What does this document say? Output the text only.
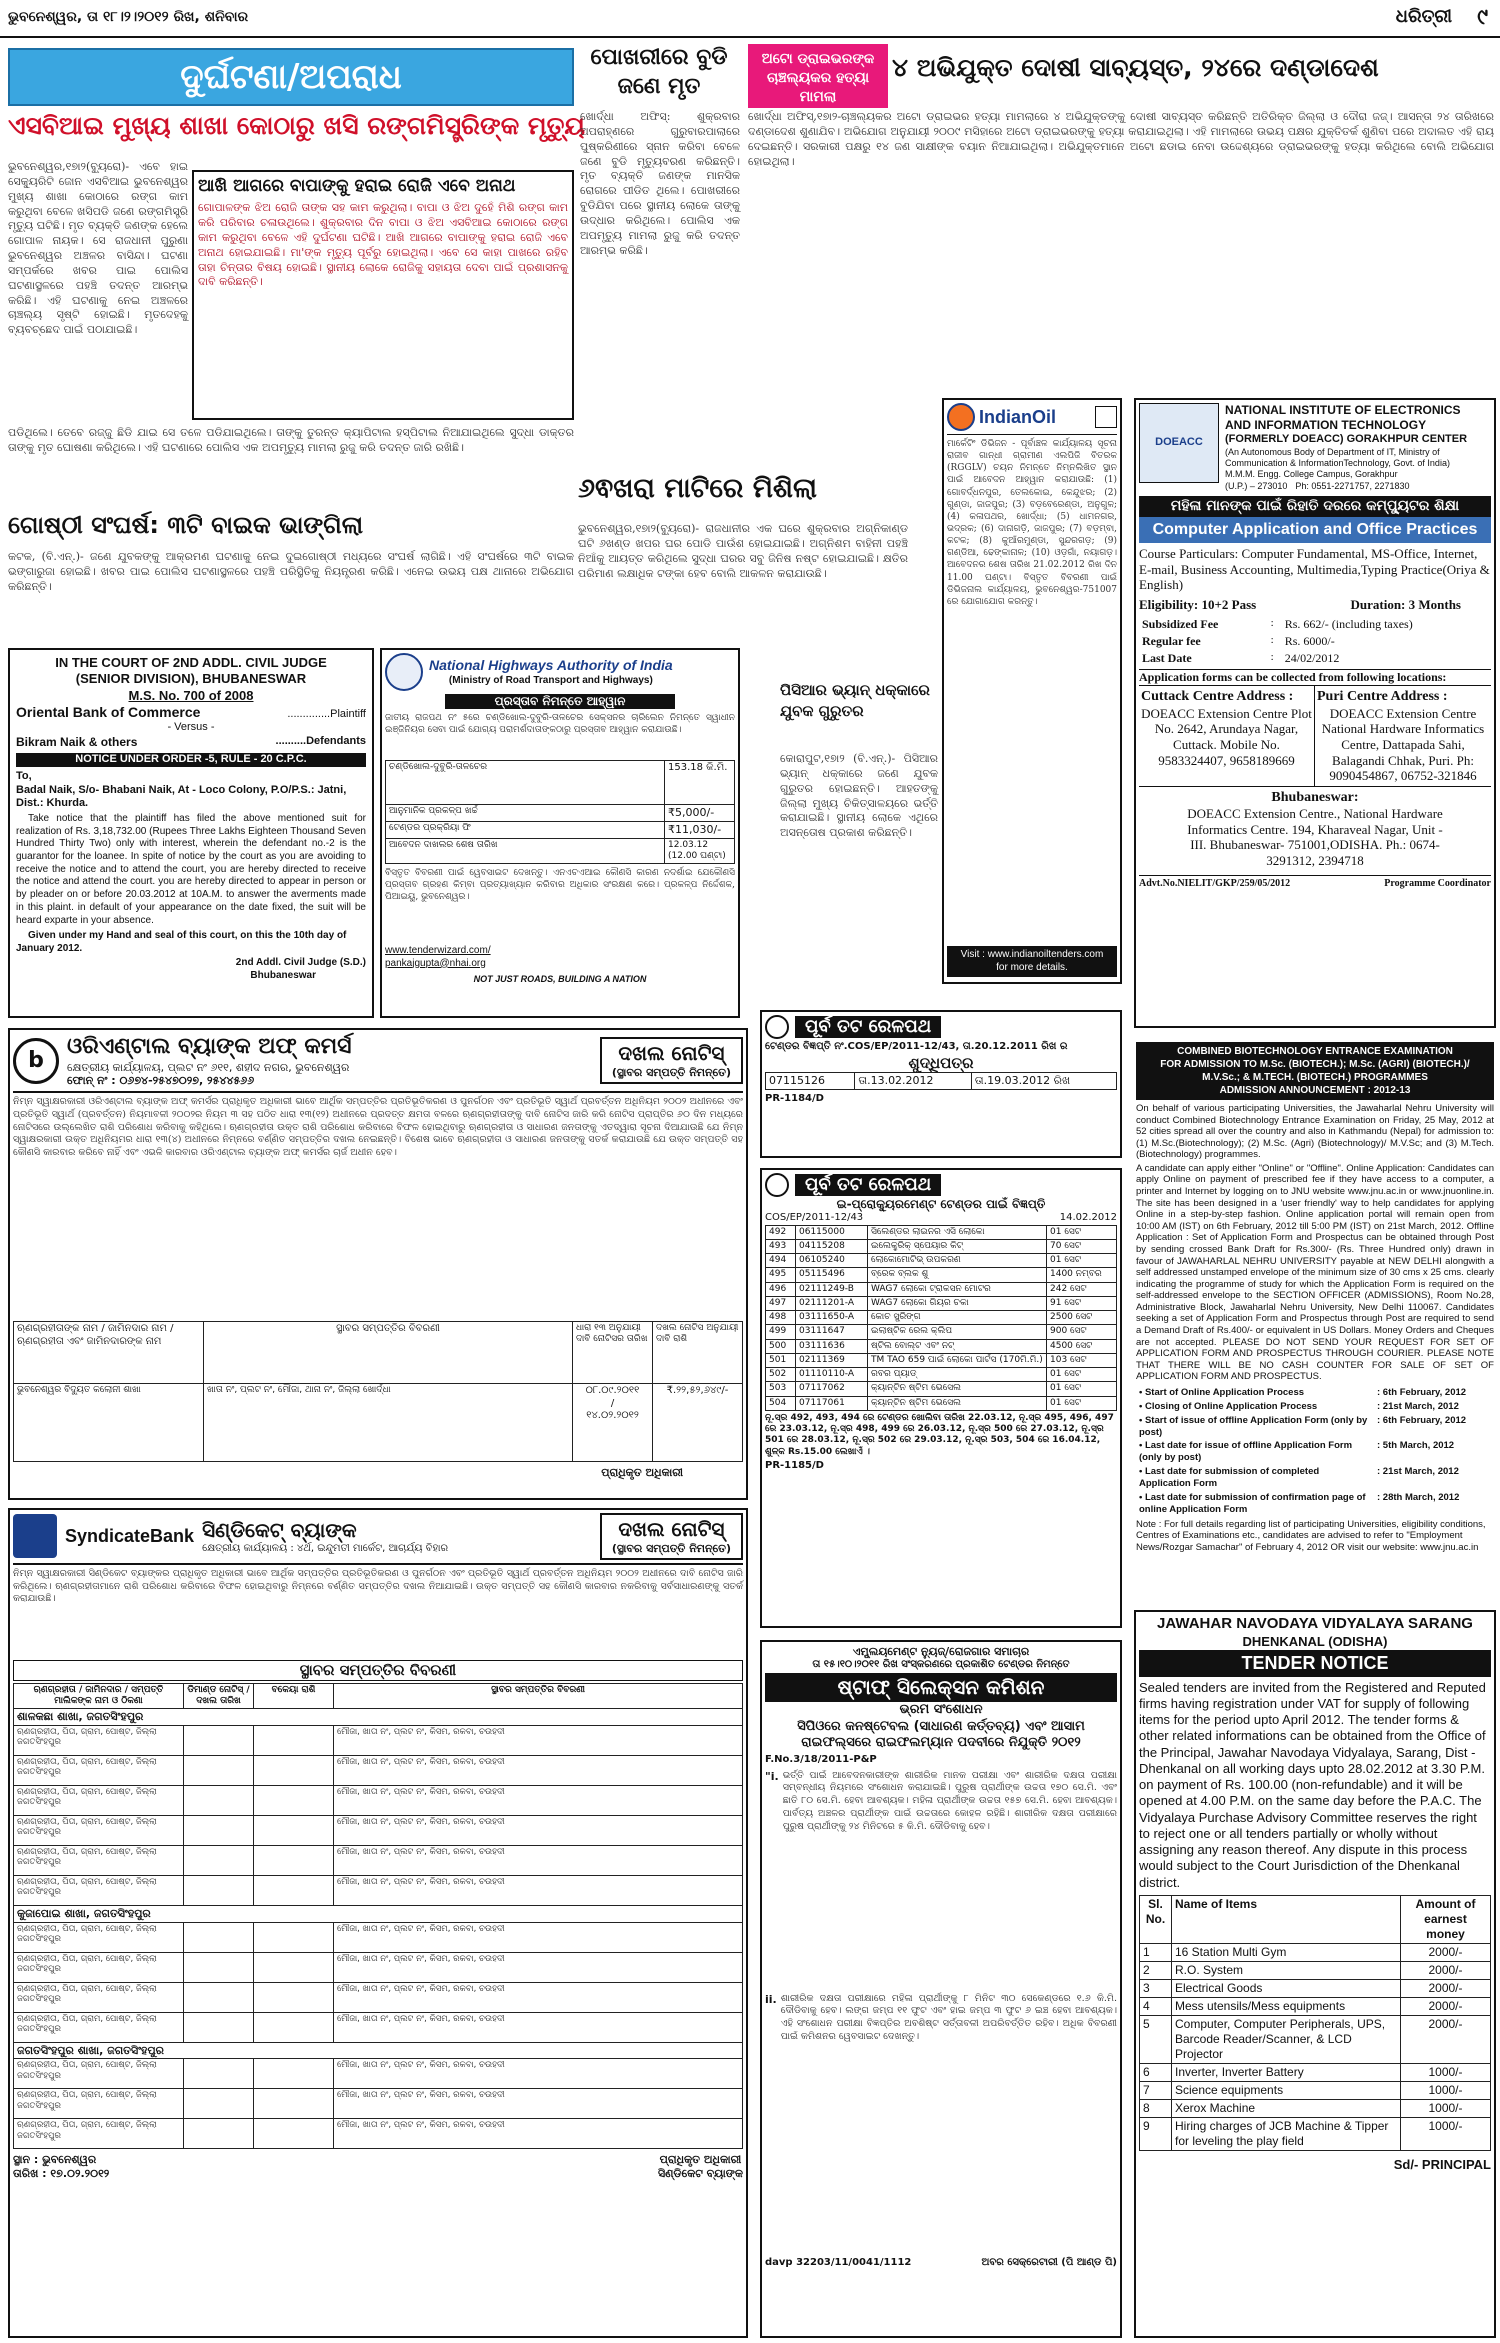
ଭୁବନେଶ୍ୱର, ତା ୧୮।୨।୨୦୧୨ ରିଖ, ଶନିବାର	ଧରିତ୍ରୀ ୯
ଦୁର୍ଘଟଣା/ଅପରାଧ	ପୋଖରୀରେ ବୁଡି ଜଣେ ମୃତ
ଅଟୋ ଡ୍ରାଇଭରଙ୍କ ଚାଞ୍ଚଲ୍ୟକର ହତ୍ୟା ମାମଲା
୪ ଅଭିଯୁକ୍ତ ଦୋଷୀ ସାବ୍ୟସ୍ତ, ୨୪ରେ ଦଣ୍ଡାଦେଶ
ଏସବିଆଇ ମୁଖ୍ୟ ଶାଖା କୋଠାରୁ ଖସି ରଙ୍ଗମିସ୍ତ୍ରିଙ୍କ ମୃତ୍ୟୁ
ଭୁବନେଶ୍ୱର,୧୭ା୨(ବ୍ୟୁରୋ)- ଏବେ ହାଇ ସେକ୍ୟୁରିଟି ଜୋନ ଏସବିଆଇ ଭୁବନେଶ୍ୱର ମୁଖ୍ୟ ଶାଖା କୋଠାରେ ରଙ୍ଗ କାମ କରୁଥିବା ବେଳେ ଖସିପଡି ଜଣେ ରଙ୍ଗମିସ୍ତ୍ରି ମୃତ୍ୟୁ ଘଟିଛି। ମୃତ ବ୍ୟକ୍ତି ଜଣଙ୍କ ହେଲେ ଗୋପାଳ ନାୟକ। ସେ ରାଜଧାନୀ ପୁରୁଣା ଭୁବନେଶ୍ୱର ଅଞ୍ଚଳର ବାସିନ୍ଦା। ଘଟଣା ସମ୍ପର୍କରେ ଖବର ପାଇ ପୋଲିସ ଘଟଣାସ୍ଥଳରେ ପହଞ୍ଚି ତଦନ୍ତ ଆରମ୍ଭ କରିଛି। ଏହି ଘଟଣାକୁ ନେଇ ଅଞ୍ଚଳରେ ଚାଞ୍ଚଲ୍ୟ ସୃଷ୍ଟି ହୋଇଛି। ମୃତଦେହକୁ ବ୍ୟବଚ୍ଛେଦ ପାଇଁ ପଠାଯାଇଛି।
ଆଖି ଆଗରେ ବାପାଙ୍କୁ ହରାଇ ରୋଜି ଏବେ ଅନାଥ
ଗୋପାଳଙ୍କ ଝିଅ ରୋଜି ତାଙ୍କ ସହ କାମ କରୁଥିଲା। ବାପା ଓ ଝିଅ ଦୁହେଁ ମିଶି ରଙ୍ଗ କାମ କରି ପରିବାର ଚଳାଉଥିଲେ। ଶୁକ୍ରବାର ଦିନ ବାପା ଓ ଝିଅ ଏସବିଆଇ କୋଠାରେ ରଙ୍ଗ କାମ କରୁଥିବା ବେଳେ ଏହି ଦୁର୍ଘଟଣା ଘଟିଛି। ଆଖି ଆଗରେ ବାପାଙ୍କୁ ହରାଇ ରୋଜି ଏବେ ଅନାଥ ହୋଇଯାଇଛି। ମା'ଙ୍କ ମୃତ୍ୟୁ ପୂର୍ବରୁ ହୋଇଥିଲା। ଏବେ ସେ କାହା ପାଖରେ ରହିବ ତାହା ଚିନ୍ତାର ବିଷୟ ହୋଇଛି। ସ୍ଥାନୀୟ ଲୋକେ ରୋଜିକୁ ସହାୟତା ଦେବା ପାଇଁ ପ୍ରଶାସନକୁ ଦାବି କରିଛନ୍ତି।
ପଡିଥିଲେ। ତେବେ ରଜ୍ଜୁ ଛିଡି ଯାଇ ସେ ତଳେ ପଡିଯାଇଥିଲେ। ତାଙ୍କୁ ତୁରନ୍ତ କ୍ୟାପିଟାଲ ହସ୍ପିଟାଲ ନିଆଯାଇଥିଲେ ସୁଦ୍ଧା ଡାକ୍ତର ତାଙ୍କୁ ମୃତ ଘୋଷଣା କରିଥିଲେ। ଏହି ଘଟଣାରେ ପୋଲିସ ଏକ ଅପମୃତ୍ୟୁ ମାମଲା ରୁଜୁ କରି ତଦନ୍ତ ଜାରି ରଖିଛି।
ଗୋଷ୍ଠୀ ସଂଘର୍ଷ: ୩ଟି ବାଇକ ଭାଙ୍ଗିଲା
କଟକ, (ବି.ଏନ୍.)- ଜଣେ ଯୁବକଙ୍କୁ ଆକ୍ରମଣ ଘଟଣାକୁ ନେଇ ଦୁଇଗୋଷ୍ଠୀ ମଧ୍ୟରେ ସଂଘର୍ଷ ଲାଗିଛି। ଏହି ସଂଘର୍ଷରେ ୩ଟି ବାଇକ ଭଙ୍ଗାରୁଜା ହୋଇଛି। ଖବର ପାଇ ପୋଲିସ ଘଟଣାସ୍ଥଳରେ ପହଞ୍ଚି ପରିସ୍ଥିତିକୁ ନିୟନ୍ତ୍ରଣ କରିଛି। ଏନେଇ ଉଭୟ ପକ୍ଷ ଥାନାରେ ଅଭିଯୋଗ କରିଛନ୍ତି।
ଖୋର୍ଦ୍ଧା ଅଫିସ୍: ଶୁକ୍ରବାର ଅପରାହ୍ଣରେ ଗୁରୁବାରପାଲାରେ ପୁଷ୍କରିଣୀରେ ସ୍ନାନ କରିବା ବେଳେ ଜଣେ ବୁଡି ମୃତ୍ୟୁବରଣ କରିଛନ୍ତି। ମୃତ ବ୍ୟକ୍ତି ଜଣଙ୍କ ମାନସିକ ରୋଗରେ ପୀଡିତ ଥିଲେ। ପୋଖରୀରେ ବୁଡିଯିବା ପରେ ସ୍ଥାନୀୟ ଲୋକେ ତାଙ୍କୁ ଉଦ୍ଧାର କରିଥିଲେ। ପୋଲିସ ଏକ ଅପମୃତ୍ୟୁ ମାମଲା ରୁଜୁ କରି ତଦନ୍ତ ଆରମ୍ଭ କରିଛି।
ଖୋର୍ଦ୍ଧା ଅଫିସ୍,୧୭ା୨-ଚାଞ୍ଚଲ୍ୟକର ଅଟୋ ଡ୍ରାଇଭର ହତ୍ୟା ମାମଲାରେ ୪ ଅଭିଯୁକ୍ତଙ୍କୁ ଦୋଷୀ ସାବ୍ୟସ୍ତ କରିଛନ୍ତି ଅତିରିକ୍ତ ଜିଲ୍ଲା ଓ ଦୌରା ଜଜ୍। ଆସନ୍ତା ୨୪ ତାରିଖରେ ଦଣ୍ଡାଦେଶ ଶୁଣାଯିବ। ଅଭିଯୋଗ ଅନୁଯାୟୀ ୨୦୦୯ ମସିହାରେ ଅଟୋ ଡ୍ରାଇଭରଙ୍କୁ ହତ୍ୟା କରାଯାଇଥିଲା। ଏହି ମାମଲାରେ ଉଭୟ ପକ୍ଷର ଯୁକ୍ତିତର୍କ ଶୁଣିବା ପରେ ଅଦାଲତ ଏହି ରାୟ ଦେଇଛନ୍ତି। ସରକାରୀ ପକ୍ଷରୁ ୧୪ ଜଣ ସାକ୍ଷୀଙ୍କ ବୟାନ ନିଆଯାଇଥିଲା। ଅଭିଯୁକ୍ତମାନେ ଅଟୋ ଛଡାଇ ନେବା ଉଦ୍ଦେଶ୍ୟରେ ଡ୍ରାଇଭରଙ୍କୁ ହତ୍ୟା କରିଥିଲେ ବୋଲି ଅଭିଯୋଗ ହୋଇଥିଲା।
୬ଵଖରା ମାଟିରେ ମିଶିଲା
ଭୁବନେଶ୍ୱର,୧୭ା୨(ବ୍ୟୁରୋ)- ରାଜଧାନୀର ଏକ ଘରେ ଶୁକ୍ରବାର ଅଗ୍ନିକାଣ୍ଡ ଘଟି ୬ଖଣ୍ଡ ଖପର ଘର ପୋଡି ପାଉଁଶ ହୋଇଯାଇଛି। ଅଗ୍ନିଶମ ବାହିନୀ ପହଞ୍ଚି ନିଆଁକୁ ଆୟତ୍ତ କରିଥିଲେ ସୁଦ୍ଧା ଘରର ସବୁ ଜିନିଷ ନଷ୍ଟ ହୋଇଯାଇଛି। କ୍ଷତିର ପରିମାଣ ଲକ୍ଷାଧିକ ଟଙ୍କା ହେବ ବୋଲି ଆକଳନ କରାଯାଉଛି।
ପିସିଆର ଭ୍ୟାନ୍ ଧକ୍କାରେ ଯୁବକ ଗୁରୁତର
କୋରାପୁଟ,୧୭ା୨ (ବି.ଏନ୍.)- ପିସିଆର ଭ୍ୟାନ୍ ଧକ୍କାରେ ଜଣେ ଯୁବକ ଗୁରୁତର ହୋଇଛନ୍ତି। ଆହତଙ୍କୁ ଜିଲ୍ଲା ମୁଖ୍ୟ ଚିକିତ୍ସାଳୟରେ ଭର୍ତ୍ତି କରାଯାଇଛି। ସ୍ଥାନୀୟ ଲୋକେ ଏଥିରେ ଅସନ୍ତୋଷ ପ୍ରକାଶ କରିଛନ୍ତି।
IN THE COURT OF 2ND ADDL. CIVIL JUDGE
(SENIOR DIVISION), BHUBANESWAR
M.S. No. 700 of 2008
Oriental Bank of Commerce	..............Plaintiff
- Versus -
Bikram Naik & others	..........Defendants
NOTICE UNDER ORDER -5, RULE - 20 C.P.C.
To,
Badal Naik, S/o- Bhabani Naik, At - Loco Colony, P.O/P.S.: Jatni, Dist.: Khurda.
Take notice that the plaintiff has filed the above mentioned suit for realization of Rs. 3,18,732.00 (Rupees Three Lakhs Eighteen Thousand Seven Hundred Thirty Two) only with interest, wherein the defendant no.-2 is the guarantor for the loanee. In spite of notice by the court as you are avoiding to receive the notice and to attend the court, you are hereby directed to receive the notice and attend the court. you are hereby directed to appear in person or by pleader on or before 20.03.2012 at 10A.M. to answer the averments made in this plaint. in default of your appearance on the date fixed, the suit will be heard exparte in your absence.
Given under my Hand and seal of this court, on this the 10th day of January 2012.
2nd Addl. Civil Judge (S.D.)
Bhubaneswar
National Highways Authority of India
(Ministry of Road Transport and Highways)
ପ୍ରସ୍ତାବ ନିମନ୍ତେ ଆହ୍ୱାନ
ଜାତୀୟ ରାଜପଥ ନଂ ୫ରେ ଚଣ୍ଡିଖୋଲ-ଦୁବୁରି-ତାଳଚେର ସେକ୍ସନର ଚାରିଲେନ ନିମନ୍ତେ ସ୍ୱାଧୀନ ଇଞ୍ଜିନିୟର ସେବା ପାଇଁ ଯୋଗ୍ୟ ପରାମର୍ଶଦାତାଙ୍କଠାରୁ ପ୍ରସ୍ତାବ ଆହ୍ୱାନ କରାଯାଉଛି।
ଚଣ୍ଡିଖୋଲ-ଦୁବୁରି-ତାଳଚେର	153.18 କି.ମି.
ଆନୁମାନିକ ପ୍ରକଳ୍ପ ଖର୍ଚ୍ଚ	₹5,000/-
ଟେଣ୍ଡର ପ୍ରକ୍ରିୟା ଫି	₹11,030/-
ଆବେଦନ ଦାଖଲର ଶେଷ ତାରିଖ	12.03.12 (12.00 ଘଣ୍ଟା)
ବିସ୍ତୃତ ବିବରଣୀ ପାଇଁ ୱେବସାଇଟ ଦେଖନ୍ତୁ। ଏନଏଚଏଆଇ କୌଣସି କାରଣ ନଦର୍ଶାଇ ଯେକୌଣସି ପ୍ରସ୍ତାବ ଗ୍ରହଣ କିମ୍ବା ପ୍ରତ୍ୟାଖ୍ୟାନ କରିବାର ଅଧିକାର ସଂରକ୍ଷଣ କରେ। ପ୍ରକଳ୍ପ ନିର୍ଦ୍ଦେଶକ, ପିଆଇୟୁ, ଭୁବନେଶ୍ୱର।
www.tenderwizard.com/
pankajgupta@nhai.org
NOT JUST ROADS, BUILDING A NATION
IndianOil
ମାର୍କେଟିଂ ଡିଭିଜନ - ପୂର୍ବାଞ୍ଚଳ କାର୍ଯ୍ୟାଳୟ ସୂଚନା ରାଜୀବ ଗାନ୍ଧୀ ଗ୍ରାମୀଣ ଏଲପିଜି ବିତରକ (RGGLV) ଚୟନ ନିମନ୍ତେ ନିମ୍ନଲିଖିତ ସ୍ଥାନ ପାଇଁ ଆବେଦନ ଆହ୍ୱାନ କରାଯାଉଛି: (1) ଗୋବର୍ଦ୍ଧନପୁର, ତେଲକୋଇ, କେନ୍ଦୁଝର; (2) ଗୁଣ୍ଡା, ଜାଜପୁର; (3) ବଡ଼ବେରେଣ୍ଡା, ଅନୁଗୁଳ; (4) କଳାପଥର, ଖୋର୍ଦ୍ଧା; (5) ଧାମନଗର, ଭଦ୍ରକ; (6) ଦାନାଗଡ଼ି, ଜାଜପୁର; (7) ବଡ଼ମ୍ବା, କଟକ; (8) କୁଆଁରମୁଣ୍ଡା, ସୁନ୍ଦରଗଡ଼; (9) ଗଣ୍ଡିଆ, ଢେଙ୍କାନାଳ; (10) ଓଡ଼ଗାଁ, ନୟାଗଡ଼। ଆବେଦନର ଶେଷ ତାରିଖ 21.02.2012 ରିଖ ଦିନ 11.00 ଘଣ୍ଟା। ବିସ୍ତୃତ ବିବରଣୀ ପାଇଁ ଡିଭିଜନାଲ କାର୍ଯ୍ୟାଳୟ, ଭୁବନେଶ୍ୱର-751007 ରେ ଯୋଗାଯୋଗ କରନ୍ତୁ।
Visit : www.indianoiltenders.com
for more details.
ପୂର୍ବ ତଟ ରେଳପଥ
ଟେଣ୍ଡର ବିଜ୍ଞପ୍ତି ନଂ.COS/EP/2011-12/43, ତା.20.12.2011 ରିଖ ର
ଶୁଦ୍ଧିପତ୍ର
07115126	ତା.13.02.2012	ତା.19.03.2012 ରିଖ
PR-1184/D
ପୂର୍ବ ତଟ ରେଳପଥ
ଇ-ପ୍ରୋକ୍ୟୁରମେଣ୍ଟ ଟେଣ୍ଡର ପାଇଁ ବିଜ୍ଞପ୍ତି
COS/EP/2011-12/43	14.02.2012
492	06115000	ସିଲେଣ୍ଡର ଲାଇନର ଏସି ଲୋକୋ	01 ସେଟ
493	04115208	ଇଲେକ୍ଟ୍ରିକ୍ ସ୍ପେୟାର କିଟ୍	70 ସେଟ
494	06105240	ଲୋକୋମୋଟିଭ୍ ଉପକରଣ	01 ସେଟ
495	05115496	ବ୍ରେକ ବ୍ଲକ ଶୁ	1400 ନମ୍ବର
496	02111249-B	WAG7 ଲୋକୋ ଟ୍ରାକସନ ମୋଟର	242 ସେଟ
497	02111201-A	WAG7 ଲୋକୋ ଗିୟର ଚକା	91 ସେଟ
498	03111650-A	କୋଚ ସ୍ପ୍ରିଙ୍ଗ	2500 ସେଟ
499	03111647	ଇଲାଷ୍ଟିକ ରେଲ କ୍ଲିପ	900 ସେଟ
500	03111636	ଷ୍ଟିଲ ବୋଲ୍ଟ ଏବଂ ନଟ୍	4500 ସେଟ
501	02111369	TM TAO 659 ପାଇଁ ଲୋକୋ ପାର୍ଟସ (170ମି.ମି.)	103 ସେଟ
502	01110110-A	ରବର ପ୍ୟାଡ୍	01 ସେଟ
503	07117062	କ୍ୟାନ୍ଟିନ ଷ୍ଟିମ ଭେସେଲ	01 ସେଟ
504	07117061	କ୍ୟାନ୍ଟିନ ଷ୍ଟିମ ଭେସେଲ	01 ସେଟ
ନୂ.ସ୍ର 492, 493, 494 ରେ ଟେଣ୍ଡର ଖୋଲିବା ତାରିଖ 22.03.12, ନୂ.ସ୍ର 495, 496, 497 ରେ 23.03.12, ନୂ.ସ୍ର 498, 499 ରେ 26.03.12, ନୂ.ସ୍ର 500 ରେ 27.03.12, ନୂ.ସ୍ର 501 ରେ 28.03.12, ନୂ.ସ୍ର 502 ରେ 29.03.12, ନୂ.ସ୍ର 503, 504 ରେ 16.04.12, ଶୁଳ୍କ Rs.15.00 ଲେଖାଏଁ ।
PR-1185/D
DOEACC
NATIONAL INSTITUTE OF ELECTRONICS
AND INFORMATION TECHNOLOGY
(FORMERLY DOEACC) GORAKHPUR CENTER
(An Autonomous Body of Department of IT, Ministry of
Communication & InformationTechnology, Govt. of India)
M.M.M. Engg. College Campus, Gorakhpur
(U.P.) – 273010 Ph: 0551-2271757, 2271830
ମହିଳା ମାନଙ୍କ ପାଇଁ ରିହାତି ଦରରେ କମ୍ପ୍ୟୁଟର ଶିକ୍ଷା
Computer Application and Office Practices
Course Particulars: Computer Fundamental, MS-Office, Internet, E-mail, Business Accounting, Multimedia,Typing Practice(Oriya & English)
Eligibility: 10+2 Pass	Duration: 3 Months
Subsidized Fee	:	Rs. 662/- (including taxes)
Regular fee	:	Rs. 6000/-
Last Date	:	24/02/2012
Application forms can be collected from following locations:
Cuttack Centre Address :
DOEACC Extension Centre Plot No. 2642, Arundaya Nagar, Cuttack. Mobile No. 9583324407, 9658189669
Puri Centre Address :
DOEACC Extension Centre National Hardware Informatics Centre, Dattapada Sahi, Balagandi Chhak, Puri. Ph: 9090454867, 06752-321846
Bhubaneswar:
DOEACC Extension Centre., National Hardware Informatics Centre. 194, Kharaveal Nagar, Unit - III. Bhubaneswar- 751001,ODISHA. Ph.: 0674-3291312, 2394718
Advt.No.NIELIT/GKP/259/05/2012	Programme Coordinator
b
ଓରିଏଣ୍ଟାଲ ବ୍ୟାଙ୍କ ଅଫ୍ କମର୍ସ
କ୍ଷେତ୍ରୀୟ କାର୍ଯ୍ୟାଳୟ, ପ୍ଲଟ ନଂ ୬୧୧, ଶହୀଦ ନଗର, ଭୁବନେଶ୍ୱର
ଫୋନ୍ ନଂ : ୦୬୭୪-୨୫୪୭୦୨୭, ୨୫୪୪୫୬୬
ଦଖଲ ନୋଟିସ୍
(ସ୍ଥାବର ସମ୍ପତ୍ତି ନିମନ୍ତେ)
ନିମ୍ନ ସ୍ୱାକ୍ଷରକାରୀ ଓରିଏଣ୍ଟାଲ ବ୍ୟାଙ୍କ ଅଫ୍ କମର୍ସର ପ୍ରାଧିକୃତ ଅଧିକାରୀ ଭାବେ ଆର୍ଥିକ ସମ୍ପତ୍ତିର ପ୍ରତିଭୂତିକରଣ ଓ ପୁନର୍ଗଠନ ଏବଂ ପ୍ରତିଭୂତି ସ୍ୱାର୍ଥ ପ୍ରବର୍ତ୍ତନ ଅଧିନିୟମ ୨୦୦୨ ଅଧୀନରେ ଏବଂ ପ୍ରତିଭୂତି ସ୍ୱାର୍ଥ (ପ୍ରବର୍ତ୍ତନ) ନିୟମାବଳୀ ୨୦୦୨ର ନିୟମ ୩ ସହ ପଠିତ ଧାରା ୧୩(୧୨) ଅଧୀନରେ ପ୍ରଦତ୍ତ କ୍ଷମତା ବଳରେ ଋଣଗ୍ରହୀତାଙ୍କୁ ଦାବି ନୋଟିସ ଜାରି କରି ନୋଟିସ ପ୍ରାପ୍ତିର ୬୦ ଦିନ ମଧ୍ୟରେ ନୋଟିସରେ ଉଲ୍ଲେଖିତ ରାଶି ପରିଶୋଧ କରିବାକୁ କହିଥିଲେ। ଋଣଗ୍ରହୀତା ଉକ୍ତ ରାଶି ପରିଶୋଧ କରିବାରେ ବିଫଳ ହୋଇଥିବାରୁ ଋଣଗ୍ରହୀତା ଓ ସାଧାରଣ ଜନତାଙ୍କୁ ଏତଦ୍ୱାରା ସୂଚନା ଦିଆଯାଉଛି ଯେ ନିମ୍ନ ସ୍ୱାକ୍ଷରକାରୀ ଉକ୍ତ ଅଧିନିୟମର ଧାରା ୧୩(୪) ଅଧୀନରେ ନିମ୍ନରେ ବର୍ଣ୍ଣିତ ସମ୍ପତ୍ତିର ଦଖଲ ନେଇଛନ୍ତି। ବିଶେଷ ଭାବେ ଋଣଗ୍ରହୀତା ଓ ସାଧାରଣ ଜନତାଙ୍କୁ ସତର୍କ କରାଯାଉଛି ଯେ ଉକ୍ତ ସମ୍ପତ୍ତି ସହ କୌଣସି କାରବାର କରିବେ ନାହିଁ ଏବଂ ଏଭଳି କାରବାର ଓରିଏଣ୍ଟାଲ ବ୍ୟାଙ୍କ ଅଫ୍ କମର୍ସର ଚାର୍ଜ ଅଧୀନ ହେବ।
ଋଣଗ୍ରହୀତାଙ୍କ ନାମ / ଜାମିନଦାର ନାମ / ଋଣଗ୍ରହୀତା ଏବଂ ଜାମିନଦାରଙ୍କ ନାମ	ସ୍ଥାବର ସମ୍ପତ୍ତିର ବିବରଣୀ	ଧାରା ୧୩ ଅନୁଯାୟୀ ଦାବି ନୋଟିସର ତାରିଖ	ଦଖଲ ନୋଟିସ ଅନୁଯାୟୀ ଦାବି ରାଶି
ଭୁବନେଶ୍ୱର ବିଦ୍ୟୁତ କଲୋନୀ ଶାଖା	ଖାତା ନଂ, ପ୍ଲଟ ନଂ, ମୌଜା, ଥାନା ନଂ, ଜିଲ୍ଲା ଖୋର୍ଦ୍ଧା	୦୮.୦୯.୨୦୧୧
/
୧୪.୦୨.୨୦୧୨	₹.୨୨,୫୨,୬୪୯/-
ପ୍ରାଧିକୃତ ଅଧିକାରୀ
SyndicateBank ସିଣ୍ଡିକେଟ୍ ବ୍ୟାଙ୍କ
କ୍ଷେତ୍ରୀୟ କାର୍ଯ୍ୟାଳୟ : ୪ର୍ଥ, ଇନ୍ଦୁମତୀ ମାର୍କେଟ, ଆଚାର୍ଯ୍ୟ ବିହାର
ଦଖଲ ନୋଟିସ୍
(ସ୍ଥାବର ସମ୍ପତ୍ତି ନିମନ୍ତେ)
ନିମ୍ନ ସ୍ୱାକ୍ଷରକାରୀ ସିଣ୍ଡିକେଟ ବ୍ୟାଙ୍କର ପ୍ରାଧିକୃତ ଅଧିକାରୀ ଭାବେ ଆର୍ଥିକ ସମ୍ପତ୍ତିର ପ୍ରତିଭୂତିକରଣ ଓ ପୁନର୍ଗଠନ ଏବଂ ପ୍ରତିଭୂତି ସ୍ୱାର୍ଥ ପ୍ରବର୍ତ୍ତନ ଅଧିନିୟମ ୨୦୦୨ ଅଧୀନରେ ଦାବି ନୋଟିସ ଜାରି କରିଥିଲେ। ଋଣଗ୍ରହୀତାମାନେ ରାଶି ପରିଶୋଧ କରିବାରେ ବିଫଳ ହୋଇଥିବାରୁ ନିମ୍ନରେ ବର୍ଣ୍ଣିତ ସମ୍ପତ୍ତିର ଦଖଲ ନିଆଯାଇଛି। ଉକ୍ତ ସମ୍ପତ୍ତି ସହ କୌଣସି କାରବାର ନକରିବାକୁ ସର୍ବସାଧାରଣଙ୍କୁ ସତର୍କ କରାଯାଉଛି।
ସ୍ଥାବର ସମ୍ପତ୍ତିର ବିବରଣୀ
ଋଣଗ୍ରହୀତା / ଜାମିନଦାର / ସମ୍ପତ୍ତି ମାଲିକଙ୍କ ନାମ ଓ ଠିକଣା	ଡିମାଣ୍ଡ ନୋଟିସ୍ / ଦଖଲ ତାରିଖ	ବକେୟା ରାଶି	ସ୍ଥାବର ସମ୍ପତ୍ତିର ବିବରଣୀ
ଶାଳକଛା ଶାଖା, ଜଗତସିଂହପୁର			
ଋଣଗ୍ରହୀତା, ପିତା, ଗ୍ରାମ, ପୋଷ୍ଟ, ଜିଲ୍ଲା ଜଗତସିଂହପୁର			ମୌଜା, ଖାତା ନଂ, ପ୍ଲଟ ନଂ, କିସମ, ରକବା, ଚଉହଦୀ
ଋଣଗ୍ରହୀତା, ପିତା, ଗ୍ରାମ, ପୋଷ୍ଟ, ଜିଲ୍ଲା ଜଗତସିଂହପୁର			ମୌଜା, ଖାତା ନଂ, ପ୍ଲଟ ନଂ, କିସମ, ରକବା, ଚଉହଦୀ
ଋଣଗ୍ରହୀତା, ପିତା, ଗ୍ରାମ, ପୋଷ୍ଟ, ଜିଲ୍ଲା ଜଗତସିଂହପୁର			ମୌଜା, ଖାତା ନଂ, ପ୍ଲଟ ନଂ, କିସମ, ରକବା, ଚଉହଦୀ
ଋଣଗ୍ରହୀତା, ପିତା, ଗ୍ରାମ, ପୋଷ୍ଟ, ଜିଲ୍ଲା ଜଗତସିଂହପୁର			ମୌଜା, ଖାତା ନଂ, ପ୍ଲଟ ନଂ, କିସମ, ରକବା, ଚଉହଦୀ
ଋଣଗ୍ରହୀତା, ପିତା, ଗ୍ରାମ, ପୋଷ୍ଟ, ଜିଲ୍ଲା ଜଗତସିଂହପୁର			ମୌଜା, ଖାତା ନଂ, ପ୍ଲଟ ନଂ, କିସମ, ରକବା, ଚଉହଦୀ
ଋଣଗ୍ରହୀତା, ପିତା, ଗ୍ରାମ, ପୋଷ୍ଟ, ଜିଲ୍ଲା ଜଗତସିଂହପୁର			ମୌଜା, ଖାତା ନଂ, ପ୍ଲଟ ନଂ, କିସମ, ରକବା, ଚଉହଦୀ
କୁଜାପୋଇ ଶାଖା, ଜଗତସିଂହପୁର			
ଋଣଗ୍ରହୀତା, ପିତା, ଗ୍ରାମ, ପୋଷ୍ଟ, ଜିଲ୍ଲା ଜଗତସିଂହପୁର			ମୌଜା, ଖାତା ନଂ, ପ୍ଲଟ ନଂ, କିସମ, ରକବା, ଚଉହଦୀ
ଋଣଗ୍ରହୀତା, ପିତା, ଗ୍ରାମ, ପୋଷ୍ଟ, ଜିଲ୍ଲା ଜଗତସିଂହପୁର			ମୌଜା, ଖାତା ନଂ, ପ୍ଲଟ ନଂ, କିସମ, ରକବା, ଚଉହଦୀ
ଋଣଗ୍ରହୀତା, ପିତା, ଗ୍ରାମ, ପୋଷ୍ଟ, ଜିଲ୍ଲା ଜଗତସିଂହପୁର			ମୌଜା, ଖାତା ନଂ, ପ୍ଲଟ ନଂ, କିସମ, ରକବା, ଚଉହଦୀ
ଋଣଗ୍ରହୀତା, ପିତା, ଗ୍ରାମ, ପୋଷ୍ଟ, ଜିଲ୍ଲା ଜଗତସିଂହପୁର			ମୌଜା, ଖାତା ନଂ, ପ୍ଲଟ ନଂ, କିସମ, ରକବା, ଚଉହଦୀ
ଜଗତସିଂହପୁର ଶାଖା, ଜଗତସିଂହପୁର			
ଋଣଗ୍ରହୀତା, ପିତା, ଗ୍ରାମ, ପୋଷ୍ଟ, ଜିଲ୍ଲା ଜଗତସିଂହପୁର			ମୌଜା, ଖାତା ନଂ, ପ୍ଲଟ ନଂ, କିସମ, ରକବା, ଚଉହଦୀ
ଋଣଗ୍ରହୀତା, ପିତା, ଗ୍ରାମ, ପୋଷ୍ଟ, ଜିଲ୍ଲା ଜଗତସିଂହପୁର			ମୌଜା, ଖାତା ନଂ, ପ୍ଲଟ ନଂ, କିସମ, ରକବା, ଚଉହଦୀ
ଋଣଗ୍ରହୀତା, ପିତା, ଗ୍ରାମ, ପୋଷ୍ଟ, ଜିଲ୍ଲା ଜଗତସିଂହପୁର			ମୌଜା, ଖାତା ନଂ, ପ୍ଲଟ ନଂ, କିସମ, ରକବା, ଚଉହଦୀ
ସ୍ଥାନ : ଭୁବନେଶ୍ୱର
ତାରିଖ : ୧୭.୦୨.୨୦୧୨
ପ୍ରାଧିକୃତ ଅଧିକାରୀ
ସିଣ୍ଡିକେଟ ବ୍ୟାଙ୍କ
ଏମ୍ପ୍ଲୟମେଣ୍ଟ ନ୍ୟୁଜ୍/ରୋଜଗାର ସମାଚାର
ତା ୧୫।୧୦।୨୦୧୧ ରିଖ ସଂସ୍କରଣରେ ପ୍ରକାଶିତ ଟେଣ୍ଡର ନିମନ୍ତେ
ଷ୍ଟାଫ୍ ସିଲେକ୍ସନ କମିଶନ
ଭ୍ରମ ସଂଶୋଧନ
ସିପିଓରେ କନଷ୍ଟେବଲ (ସାଧାରଣ କର୍ତ୍ତବ୍ୟ) ଏବଂ ଆସାମ
ରାଇଫଲ୍ସରେ ରାଇଫଲମ୍ୟାନ ପଦବୀରେ ନିଯୁକ୍ତି ୨୦୧୨
F.No.3/18/2011-P&P
"i. ଭର୍ତ୍ତି ପାଇଁ ଆବେଦନକାରୀଙ୍କ ଶାରୀରିକ ମାନକ ପରୀକ୍ଷା ଏବଂ ଶାରୀରିକ ଦକ୍ଷତା ପରୀକ୍ଷା ସମ୍ବନ୍ଧୀୟ ନିୟମରେ ସଂଶୋଧନ କରାଯାଇଛି। ପୁରୁଷ ପ୍ରାର୍ଥୀଙ୍କ ଉଚ୍ଚତା ୧୭୦ ସେ.ମି. ଏବଂ ଛାତି ୮୦ ସେ.ମି. ହେବା ଆବଶ୍ୟକ। ମହିଳା ପ୍ରାର୍ଥୀଙ୍କ ଉଚ୍ଚତା ୧୫୭ ସେ.ମି. ହେବା ଆବଶ୍ୟକ। ପାର୍ବତ୍ୟ ଅଞ୍ଚଳର ପ୍ରାର୍ଥୀଙ୍କ ପାଇଁ ଉଚ୍ଚତାରେ କୋହଳ ରହିଛି। ଶାରୀରିକ ଦକ୍ଷତା ପରୀକ୍ଷାରେ ପୁରୁଷ ପ୍ରାର୍ଥୀଙ୍କୁ ୨୪ ମିନିଟରେ ୫ କି.ମି. ଦୌଡିବାକୁ ହେବ।
ii. ଶାରୀରିକ ଦକ୍ଷତା ପରୀକ୍ଷାରେ ମହିଳା ପ୍ରାର୍ଥୀଙ୍କୁ ୮ ମିନିଟ ୩୦ ସେକେଣ୍ଡରେ ୧.୬ କି.ମି. ଦୌଡିବାକୁ ହେବ। ଲଙ୍ଗ ଜମ୍ପ ୧୧ ଫୁଟ ଏବଂ ହାଇ ଜମ୍ପ ୩ ଫୁଟ ୬ ଇଞ୍ଚ ହେବା ଆବଶ୍ୟକ। ଏହି ସଂଶୋଧନ ପରୀକ୍ଷା ବିଜ୍ଞପ୍ତିର ଅବଶିଷ୍ଟ ସର୍ତ୍ତାବଳୀ ଅପରିବର୍ତ୍ତିତ ରହିବ। ଅଧିକ ବିବରଣୀ ପାଇଁ କମିଶନର ୱେବସାଇଟ ଦେଖନ୍ତୁ।
davp 32203/11/0041/1112	ଅବର ସେକ୍ରେଟାରୀ (ପି ଆଣ୍ଡ ପି)
COMBINED BIOTECHNOLOGY ENTRANCE EXAMINATION
FOR ADMISSION TO M.Sc. (BIOTECH.); M.Sc. (AGRI) (BIOTECH.)/
M.V.Sc.; & M.TECH. (BIOTECH.) PROGRAMMES
ADMISSION ANNOUNCEMENT : 2012-13
On behalf of various participating Universities, the Jawaharlal Nehru University will conduct Combined Biotechnology Entrance Examination on Friday, 25 May, 2012 at 52 cities spread all over the country and also in Kathmandu (Nepal) for admission to: (1) M.Sc.(Biotechnology); (2) M.Sc. (Agri) (Biotechnology)/ M.V.Sc; and (3) M.Tech.(Biotechnology) programmes.
A candidate can apply either "Online" or "Offline". Online Application: Candidates can apply Online on payment of prescribed fee if they have access to a computer, a printer and Internet by logging on to JNU website www.jnu.ac.in or www.jnuonline.in. The site has been designed in a 'user friendly' way to help candidates for applying Online in a step-by-step fashion. Online application portal will remain open from 10:00 AM (IST) on 6th February, 2012 till 5:00 PM (IST) on 21st March, 2012. Offline Application : Set of Application Form and Prospectus can be obtained through Post by sending crossed Bank Draft for Rs.300/- (Rs. Three Hundred only) drawn in favour of JAWAHARLAL NEHRU UNIVERSITY payable at NEW DELHI alongwith a self addressed unstamped envelope of the minimum size of 30 cms x 25 cms. clearly indicating the programme of study for which the Application Form is required on the self-addressed envelope to the SECTION OFFICER (ADMISSIONS), Room No.28, Administrative Block, Jawaharlal Nehru University, New Delhi 110067. Candidates seeking a set of Application Form and Prospectus through Post are required to send a Demand Draft of Rs.400/- or equivalent in US Dollars. Money Orders and Cheques are not accepted. PLEASE DO NOT SEND YOUR REQUEST FOR SET OF APPLICATION FORM AND PROSPECTUS THROUGH COURIER. PLEASE NOTE THAT THERE WILL BE NO CASH COUNTER FOR SALE OF SET OF APPLICATION FORM AND PROSPECTUS.
• Start of Online Application Process	: 6th February, 2012
• Closing of Online Application Process	: 21st March, 2012
• Start of issue of offline Application Form (only by post)	: 6th February, 2012
• Last date for issue of offline Application Form (only by post)	: 5th March, 2012
• Last date for submission of completed Application Form	: 21st March, 2012
• Last date for submission of confirmation page of online Application Form	: 28th March, 2012
Note : For full details regarding list of participating Universities, eligibility conditions, Centres of Examinations etc., candidates are advised to refer to "Employment News/Rozgar Samachar" of February 4, 2012 OR visit our website: www.jnu.ac.in
JAWAHAR NAVODAYA VIDYALAYA SARANG
DHENKANAL (ODISHA)
TENDER NOTICE
Sealed tenders are invited from the Registered and Reputed firms having registration under VAT for supply of following items for the period upto April 2012. The tender forms & other related informations can be obtained from the Office of the Principal, Jawahar Navodaya Vidyalaya, Sarang, Dist - Dhenkanal on all working days upto 28.02.2012 at 3.30 P.M. on payment of Rs. 100.00 (non-refundable) and it will be opened at 4.00 P.M. on the same day before the P.A.C. The Vidyalaya Purchase Advisory Committee reserves the right to reject one or all tenders partially or wholly without assigning any reason thereof. Any dispute in this process would subject to the Court Jurisdiction of the Dhenkanal district.
Sl. No.	Name of Items	Amount of earnest money
1	16 Station Multi Gym	2000/-
2	R.O. System	2000/-
3	Electrical Goods	2000/-
4	Mess utensils/Mess equipments	2000/-
5	Computer, Computer Peripherals, UPS, Barcode Reader/Scanner, & LCD Projector	2000/-
6	Inverter, Inverter Battery	1000/-
7	Science equipments	1000/-
8	Xerox Machine	1000/-
9	Hiring charges of JCB Machine & Tipper for leveling the play field	1000/-
Sd/- PRINCIPAL
